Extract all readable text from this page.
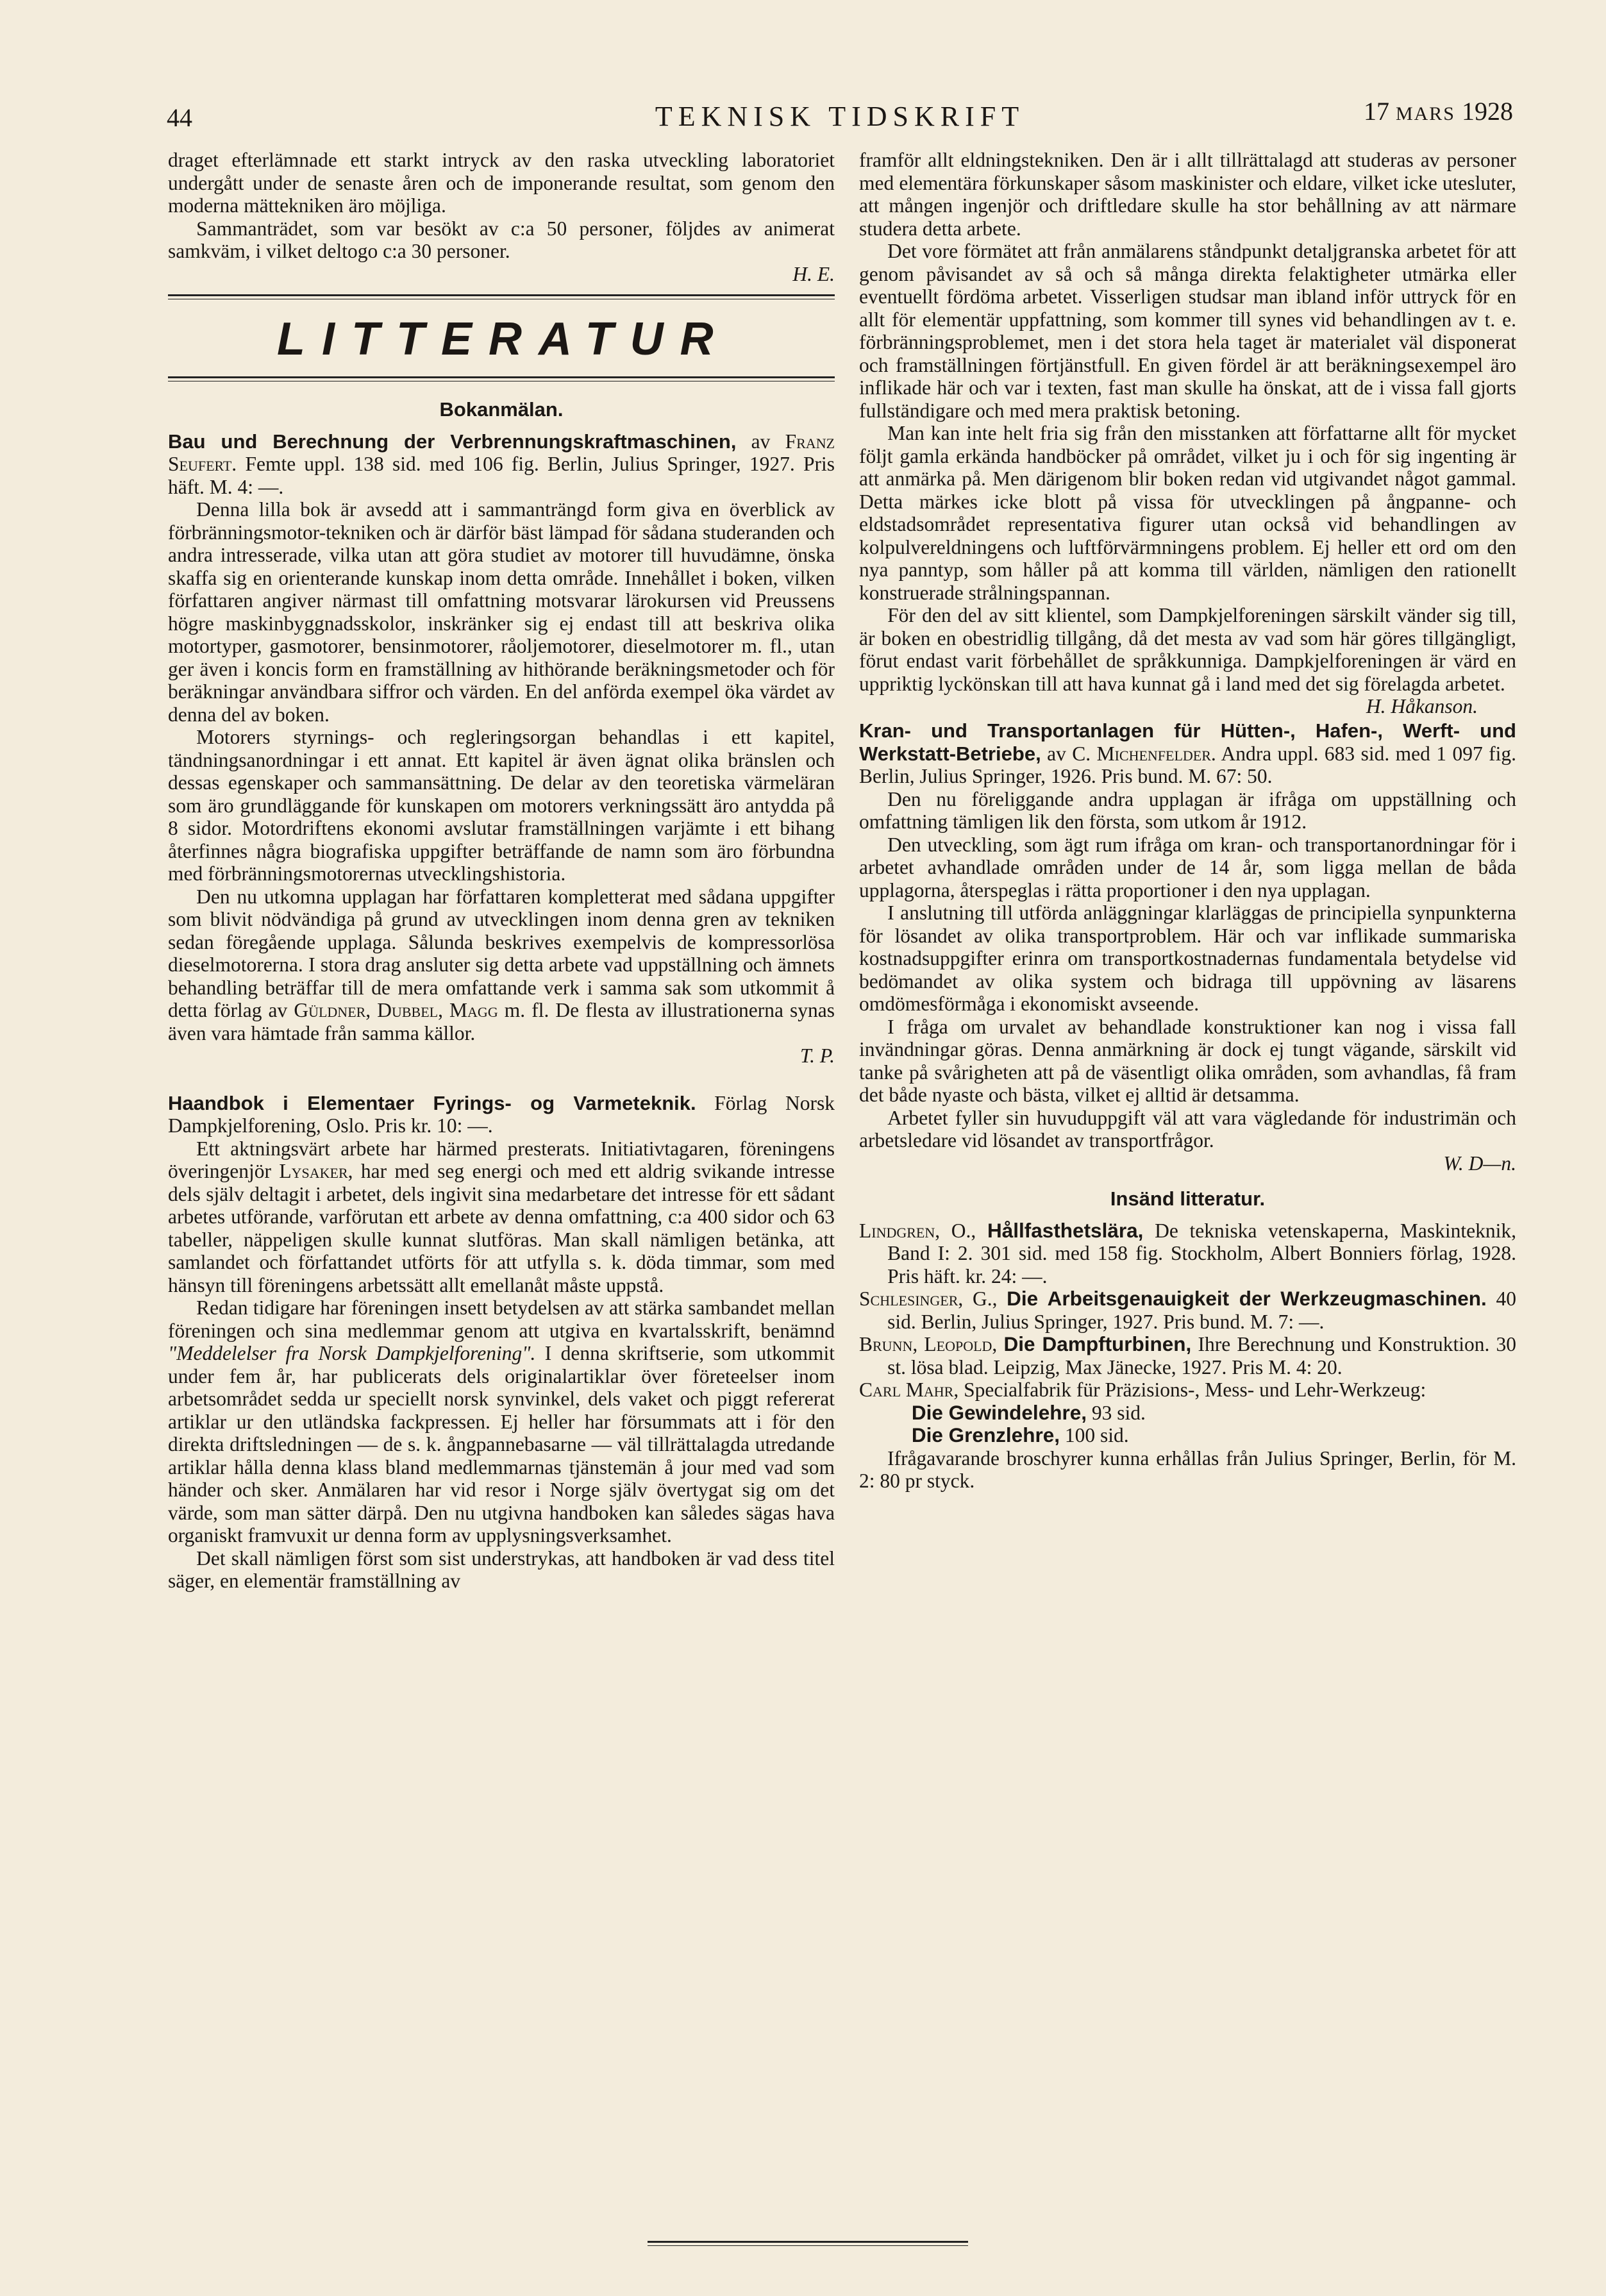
44	TEKNISK TIDSKRIFT	17 MARS 1928

draget efterlämnade ett starkt intryck av den raska utveckling laboratoriet undergått under de senaste åren och de imponerande resultat, som genom den moderna mättekniken äro möjliga.

Sammanträdet, som var besökt av c:a 50 personer, följdes av animerat samkväm, i vilket deltogo c:a 30 personer.

H. E.

LITTERATUR
Bokanmälan.

Bau und Berechnung der Verbrennungskraftmaschinen, av Franz Seufert. Femte uppl. 138 sid. med 106 fig. Berlin, Julius Springer, 1927. Pris häft. M. 4: —.

Denna lilla bok är avsedd att i sammanträngd form giva en överblick av förbränningsmotor-tekniken och är därför bäst lämpad för sådana studeranden och andra intresserade, vilka utan att göra studiet av motorer till huvudämne, önska skaffa sig en orienterande kunskap inom detta område. Innehållet i boken, vilken författaren angiver närmast till omfattning motsvarar lärokursen vid Preussens högre maskinbyggnadsskolor, inskränker sig ej endast till att beskriva olika motortyper, gasmotorer, bensinmotorer, råoljemotorer, dieselmotorer m. fl., utan ger även i koncis form en framställning av hithörande beräkningsmetoder och för beräkningar användbara siffror och värden. En del anförda exempel öka värdet av denna del av boken.

Motorers styrnings- och regleringsorgan behandlas i ett kapitel, tändningsanordningar i ett annat. Ett kapitel är även ägnat olika bränslen och dessas egenskaper och sammansättning. De delar av den teoretiska värmeläran som äro grundläggande för kunskapen om motorers verkningssätt äro antydda på 8 sidor. Motordriftens ekonomi avslutar framställningen varjämte i ett bihang återfinnes några biografiska uppgifter beträffande de namn som äro förbundna med förbränningsmotorernas utvecklingshistoria.

Den nu utkomna upplagan har författaren kompletterat med sådana uppgifter som blivit nödvändiga på grund av utvecklingen inom denna gren av tekniken sedan föregående upplaga. Sålunda beskrives exempelvis de kompressorlösa dieselmotorerna. I stora drag ansluter sig detta arbete vad uppställning och ämnets behandling beträffar till de mera omfattande verk i samma sak som utkommit å detta förlag av Güldner, Dubbel, Magg m. fl. De flesta av illustrationerna synas även vara hämtade från samma källor.

T. P.

Haandbok i Elementaer Fyrings- og Varmeteknik. Förlag Norsk Dampkjelforening, Oslo. Pris kr. 10: —.

Ett aktningsvärt arbete har härmed presterats. Initiativtagaren, föreningens överingenjör Lysaker, har med seg energi och med ett aldrig svikande intresse dels själv deltagit i arbetet, dels ingivit sina medarbetare det intresse för ett sådant arbetes utförande, varförutan ett arbete av denna omfattning, c:a 400 sidor och 63 tabeller, näppeligen skulle kunnat slutföras. Man skall nämligen betänka, att samlandet och författandet utförts för att utfylla s. k. döda timmar, som med hänsyn till föreningens arbetssätt allt emellanåt måste uppstå.

Redan tidigare har föreningen insett betydelsen av att stärka sambandet mellan föreningen och sina medlemmar genom att utgiva en kvartalsskrift, benämnd "Meddelelser fra Norsk Dampkjelforening". I denna skriftserie, som utkommit under fem år, har publicerats dels originalartiklar över företeelser inom arbetsområdet sedda ur speciellt norsk synvinkel, dels vaket och piggt refererat artiklar ur den utländska fackpressen. Ej heller har försummats att i för den direkta driftsledningen — de s. k. ångpannebasarne — väl tillrättalagda utredande artiklar hålla denna klass bland medlemmarnas tjänstemän å jour med vad som händer och sker. Anmälaren har vid resor i Norge själv övertygat sig om det värde, som man sätter därpå. Den nu utgivna handboken kan således sägas hava organiskt framvuxit ur denna form av upplysningsverksamhet.

Det skall nämligen först som sist understrykas, att handboken är vad dess titel säger, en elementär framställning av

framför allt eldningstekniken. Den är i allt tillrättalagd att studeras av personer med elementära förkunskaper såsom maskinister och eldare, vilket icke utesluter, att mången ingenjör och driftledare skulle ha stor behållning av att närmare studera detta arbete.

Det vore förmätet att från anmälarens ståndpunkt detaljgranska arbetet för att genom påvisandet av så och så många direkta felaktigheter utmärka eller eventuellt fördöma arbetet. Visserligen studsar man ibland inför uttryck för en allt för elementär uppfattning, som kommer till synes vid behandlingen av t. e. förbränningsproblemet, men i det stora hela taget är materialet väl disponerat och framställningen förtjänstfull. En given fördel är att beräkningsexempel äro inflikade här och var i texten, fast man skulle ha önskat, att de i vissa fall gjorts fullständigare och med mera praktisk betoning.

Man kan inte helt fria sig från den misstanken att författarne allt för mycket följt gamla erkända handböcker på området, vilket ju i och för sig ingenting är att anmärka på. Men därigenom blir boken redan vid utgivandet något gammal. Detta märkes icke blott på vissa för utvecklingen på ångpanne- och eldstadsområdet representativa figurer utan också vid behandlingen av kolpulvereldningens och luftförvärmningens problem. Ej heller ett ord om den nya panntyp, som håller på att komma till världen, nämligen den rationellt konstruerade strålningspannan.

För den del av sitt klientel, som Dampkjelforeningen särskilt vänder sig till, är boken en obestridlig tillgång, då det mesta av vad som här göres tillgängligt, förut endast varit förbehållet de språkkunniga. Dampkjelforeningen är värd en uppriktig lyckönskan till att hava kunnat gå i land med det sig förelagda arbetet.
H. Håkanson.

Kran- und Transportanlagen für Hütten-, Hafen-, Werft- und Werkstatt-Betriebe, av C. Michenfelder. Andra uppl. 683 sid. med 1 097 fig. Berlin, Julius Springer, 1926. Pris bund. M. 67: 50.

Den nu föreliggande andra upplagan är ifråga om uppställning och omfattning tämligen lik den första, som utkom år 1912.

Den utveckling, som ägt rum ifråga om kran- och transportanordningar för i arbetet avhandlade områden under de 14 år, som ligga mellan de båda upplagorna, återspeglas i rätta proportioner i den nya upplagan.

I anslutning till utförda anläggningar klarläggas de principiella synpunkterna för lösandet av olika transportproblem. Här och var inflikade summariska kostnadsuppgifter erinra om transportkostnadernas fundamentala betydelse vid bedömandet av olika system och bidraga till uppövning av läsarens omdömesförmåga i ekonomiskt avseende.

I fråga om urvalet av behandlade konstruktioner kan nog i vissa fall invändningar göras. Denna anmärkning är dock ej tungt vägande, särskilt vid tanke på svårigheten att på de väsentligt olika områden, som avhandlas, få fram det både nyaste och bästa, vilket ej alltid är detsamma.

Arbetet fyller sin huvuduppgift väl att vara vägledande för industrimän och arbetsledare vid lösandet av transportfrågor.

W. D—n.

Insänd litteratur.

Lindgren, O., Hållfasthetslära, De tekniska vetenskaperna, Maskinteknik, Band I: 2. 301 sid. med 158 fig. Stockholm, Albert Bonniers förlag, 1928. Pris häft. kr. 24: —.

Schlesinger, G., Die Arbeitsgenauigkeit der Werkzeugmaschinen. 40 sid. Berlin, Julius Springer, 1927. Pris bund. M. 7: —.

Brunn, Leopold, Die Dampfturbinen, Ihre Berechnung und Konstruktion. 30 st. lösa blad. Leipzig, Max Jänecke, 1927. Pris M. 4: 20.

Carl Mahr, Specialfabrik für Präzisions-, Mess- und Lehr-Werkzeug:

Die Gewindelehre, 93 sid.

Die Grenzlehre, 100 sid.

Ifrågavarande broschyrer kunna erhållas från Julius Springer, Berlin, för M. 2: 80 pr styck.
